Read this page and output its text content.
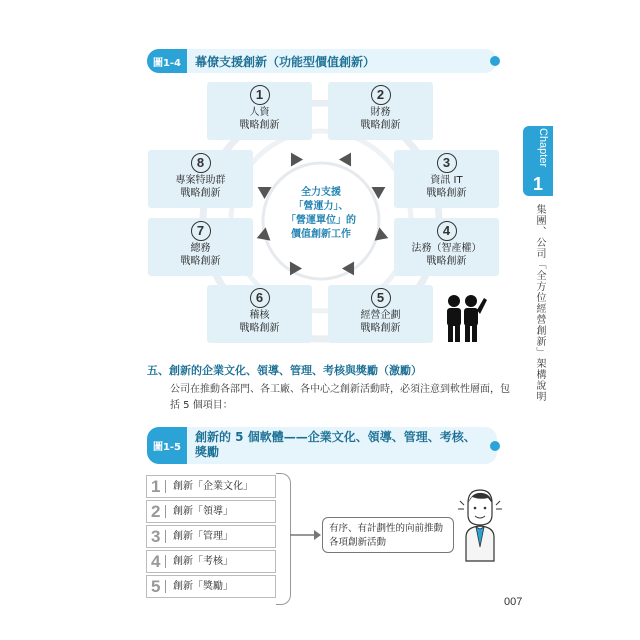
圖1-4	幕僚支援創新（功能型價值創新）
Chapter
1
集團、公司「全方位經營創新」架構說明
1
人資
戰略創新
2
財務
戰略創新
3
資訊 IT
戰略創新
4
法務（智產權）
戰略創新
5
經營企劃
戰略創新
6
稽核
戰略創新
7
總務
戰略創新
8
專案特助群
戰略創新	全力支援
「營運力」、
「營運單位」的
價值創新工作
五、創新的企業文化、領導、管理、考核與獎勵（激勵）
公司在推動各部門、各工廠、各中心之創新活動時，必須注意到軟性層面，包括 5 個項目：
圖1-5
創新的 5 個軟體——企業文化、領導、管理、考核、獎勵
1 創新「企業文化」
2 創新「領導」
3 創新「管理」
4 創新「考核」
5 創新「獎勵」
有序、有計劃性的向前推動
各項創新活動
007
